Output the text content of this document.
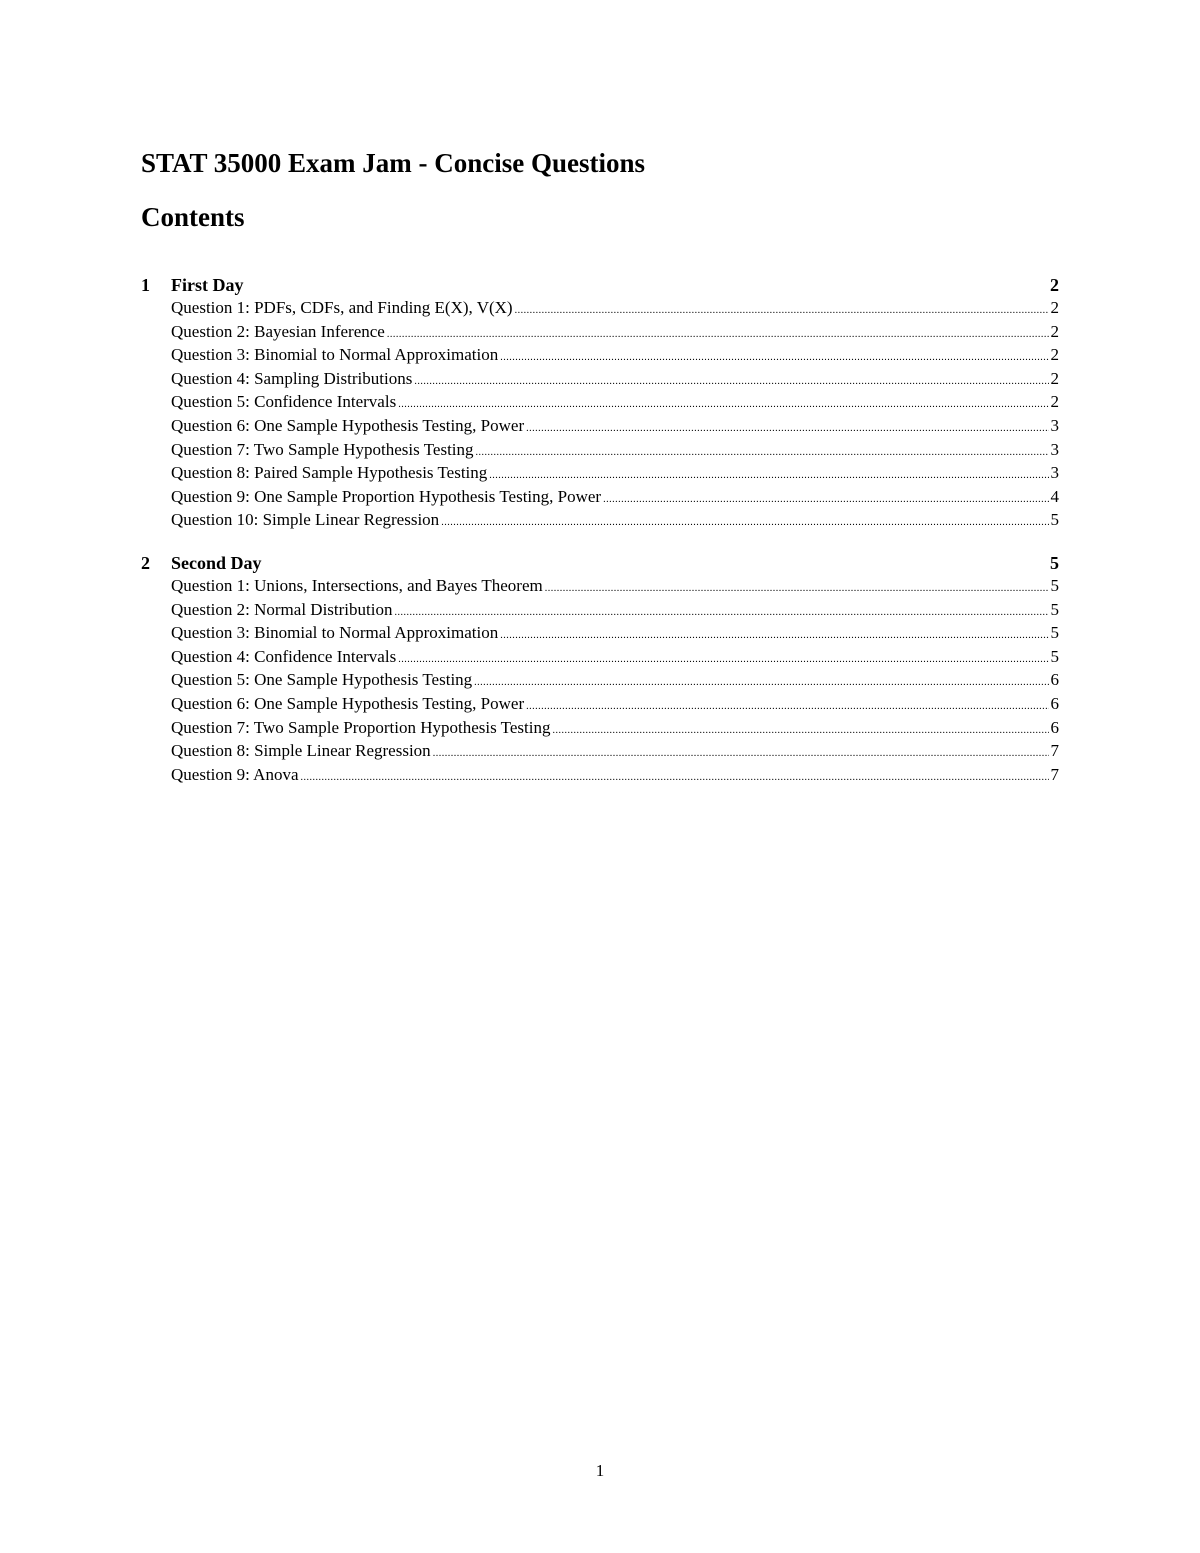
STAT 35000 Exam Jam - Concise Questions
Contents
1	First Day	2
Question 1: PDFs, CDFs, and Finding E(X), V(X) .....	2
Question 2: Bayesian Inference .....	2
Question 3: Binomial to Normal Approximation .....	2
Question 4: Sampling Distributions .....	2
Question 5: Confidence Intervals .....	2
Question 6: One Sample Hypothesis Testing, Power .....	3
Question 7: Two Sample Hypothesis Testing .....	3
Question 8: Paired Sample Hypothesis Testing .....	3
Question 9: One Sample Proportion Hypothesis Testing, Power .....	4
Question 10: Simple Linear Regression .....	5
2	Second Day	5
Question 1: Unions, Intersections, and Bayes Theorem .....	5
Question 2: Normal Distribution .....	5
Question 3: Binomial to Normal Approximation .....	5
Question 4: Confidence Intervals .....	5
Question 5: One Sample Hypothesis Testing .....	6
Question 6: One Sample Hypothesis Testing, Power .....	6
Question 7: Two Sample Proportion Hypothesis Testing .....	6
Question 8: Simple Linear Regression .....	7
Question 9: Anova .....	7
1
